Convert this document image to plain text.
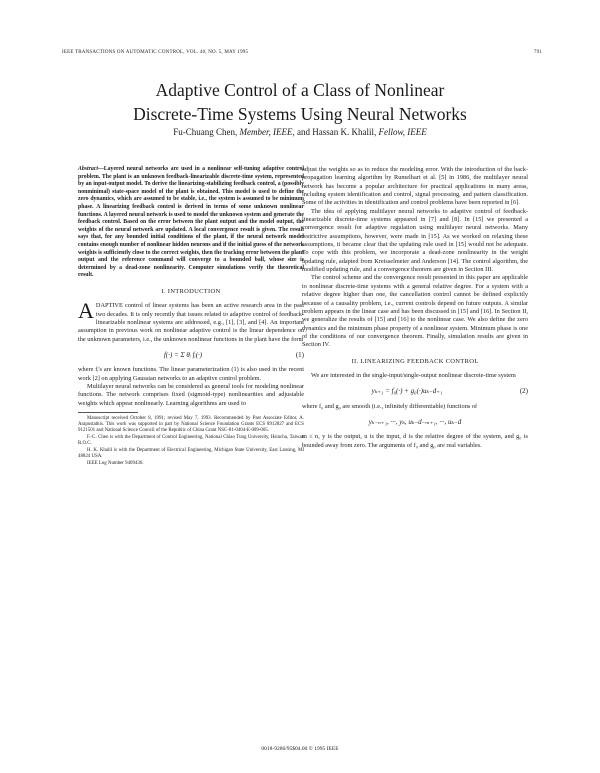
IEEE TRANSACTIONS ON AUTOMATIC CONTROL, VOL. 40, NO. 5, MAY 1995	791
Adaptive Control of a Class of Nonlinear
Discrete-Time Systems Using Neural Networks
Fu-Chuang Chen, Member, IEEE, and Hassan K. Khalil, Fellow, IEEE

Abstract—Layered neural networks are used in a nonlinear self-tuning adaptive control problem. The plant is an unknown feedback-linearizable discrete-time system, represented by an input-output model. To derive the linearizing-stabilizing feedback control, a (possibly nonminimal) state-space model of the plant is obtained. This model is used to define the zero dynamics, which are assumed to be stable, i.e., the system is assumed to be minimum phase. A linearizing feedback control is derived in terms of some unknown nonlinear functions. A layered neural network is used to model the unknown system and generate the feedback control. Based on the error between the plant output and the model output, the weights of the neural network are updated. A local convergence result is given. The result says that, for any bounded initial conditions of the plant, if the neural network model contains enough number of nonlinear hidden neurons and if the initial guess of the network weights is sufficiently close to the correct weights, then the tracking error between the plant output and the reference command will converge to a bounded ball, whose size is determined by a dead-zone nonlinearity. Computer simulations verify the theoretical result.

I. INTRODUCTION

ADAPTIVE control of linear systems has been an active research area in the past two decades. It is only recently that issues related to adaptive control of feedback-linearizable nonlinear systems are addressed, e.g., [1], [3], and [4]. An important assumption in previous work on nonlinear adaptive control is the linear dependence on the unknown parameters, i.e., the unknown nonlinear functions in the plant have the form

f(·) = Σ θᵢ fᵢ(·)	(1)

where fᵢ's are known functions. The linear parameterization (1) is also used in the recent work [2] on applying Gaussian networks to an adaptive control problem.

Multilayer neural networks can be considered as general tools for modeling nonlinear functions. The network comprises fixed (sigmoid-type) nonlinearities and adjustable weights which appear nonlinearly. Learning algorithms are used to

Manuscript received October 8, 1991; revised May 7, 1993. Recommended by Past Associate Editor, A. Arapostathis. This work was supported in part by National Science Foundation Grants ECS 8912827 and ECS 9121501 and National Science Council of the Republic of China Grant NSC-81-0404-E-009-005.

F.-C. Chen is with the Department of Control Engineering, National Chiao Tung University, Hsinchu, Taiwan R.O.C.

H. K. Khalil is with the Department of Electrical Engineering, Michigan State University, East Lansing, MI 48824 USA.

IEEE Log Number 9409436.

adjust the weights so as to reduce the modeling error. With the introduction of the back-propagation learning algorithm by Rumelhart et al. [5] in 1986, the multilayer neural network has become a popular architecture for practical applications in many areas, including system identification and control, signal processing, and pattern classification. Some of the activities in identification and control problems have been reported in [6].

The idea of applying multilayer neural networks to adaptive control of feedback-linearizable discrete-time systems appeared in [7] and [8]. In [15] we presented a convergence result for adaptive regulation using multilayer neural networks. Many restrictive assumptions, however, were made in [15]. As we worked on relaxing these assumptions, it became clear that the updating rule used in [15] would not be adequate. To cope with this problem, we incorporate a dead-zone nonlinearity in the weight updating rule, adapted from Kreisselmeier and Anderson [14]. The control algorithm, the modified updating rule, and a convergence theorem are given in Section III.

The control scheme and the convergence result presented in this paper are applicable to nonlinear discrete-time systems with a general relative degree. For a system with a relative degree higher than one, the cancellation control cannot be defined explicitly because of a causality problem, i.e., current controls depend on future outputs. A similar problem appears in the linear case and has been discussed in [15] and [16]. In Section II, we generalize the results of [15] and [16] to the nonlinear case. We also define the zero dynamics and the minimum phase property of a nonlinear system. Minimum phase is one of the conditions of our convergence theorem. Finally, simulation results are given in Section IV.

II. LINEARIZING FEEDBACK CONTROL

We are interested in the single-input/single-output nonlinear discrete-time system

yₖ₊₁ = f₀(·) + g₀(·)uₖ₋d₊₁	(2)

where f₀ and g₀ are smooth (i.e., infinitely differentiable) functions of

yₖ₋ₙ₊₁, ···, yₖ, uₖ₋d₋ₘ₊₁, ···, uₖ₋d

m ≤ n, y is the output, u is the input, d is the relative degree of the system, and g₀ is bounded away from zero. The arguments of f₀ and g₀ are real variables.

0018-9286/95$04.00 © 1995 IEEE
